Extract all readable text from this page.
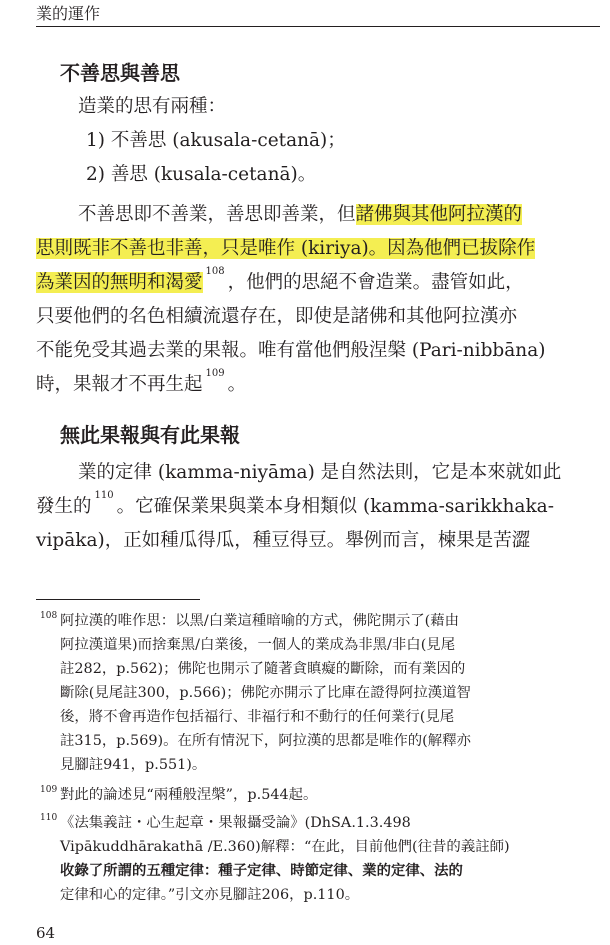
業的運作
不善思與善思

造業的思有兩種：

1) 不善思 (akusala-cetanā)；

2) 善思 (kusala-cetanā)。

不善思即不善業，善思即善業，但諸佛與其他阿拉漢的

思則既非不善也非善，只是唯作 (kiriya)。因為他們已拔除作

為業因的無明和渴愛$^{108}$，他們的思絕不會造業。盡管如此，

只要他們的名色相續流還存在，即使是諸佛和其他阿拉漢亦

不能免受其過去業的果報。唯有當他們般涅槃 (Pari-nibbāna)

時，果報才不再生起$^{109}$。

無此果報與有此果報

業的定律 (kamma-niyāma) 是自然法則，它是本來就如此

發生的$^{110}$。它確保業果與業本身相類似 (kamma-sarikkhaka-

vipāka)，正如種瓜得瓜，種豆得豆。舉例而言，楝果是苦澀

108 阿拉漢的唯作思：以黑/白業這種暗喻的方式，佛陀開示了(藉由

阿拉漢道果)而捨棄黑/白業後，一個人的業成為非黑/非白(見尾

註282，p.562)；佛陀也開示了隨著貪瞋癡的斷除，而有業因的

斷除(見尾註300，p.566)；佛陀亦開示了比庫在證得阿拉漢道智

後，將不會再造作包括福行、非福行和不動行的任何業行(見尾

註315，p.569)。在所有情況下，阿拉漢的思都是唯作的(解釋亦

見腳註941，p.551)。

109 對此的論述見“兩種般涅槃”，p.544起。

110 《法集義註・心生起章・果報攝受論》(DhSA.1.3.498

Vipākuddhārakathā /E.360)解釋：“在此，目前他們(往昔的義註師)

收錄了所謂的五種定律：種子定律、時節定律、業的定律、法的

定律和心的定律。”引文亦見腳註206，p.110。

64
